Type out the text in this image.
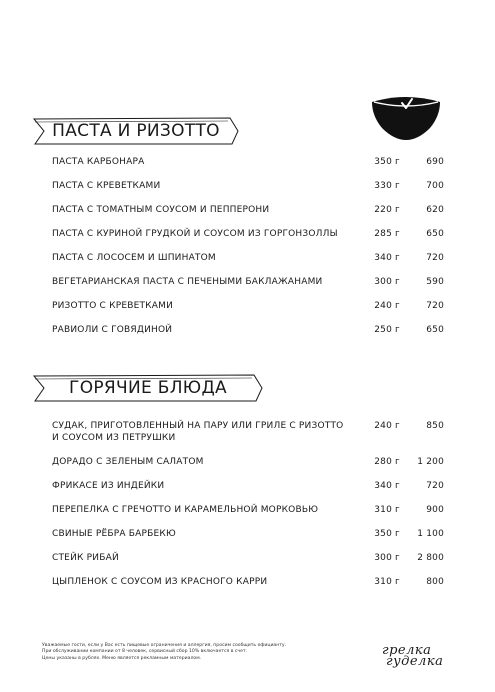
ПАСТА И РИЗОТТО
ПАСТА КАРБОНАРА	350 г	690
ПАСТА С КРЕВЕТКАМИ	330 г	700
ПАСТА С ТОМАТНЫМ СОУСОМ И ПЕППЕРОНИ	220 г	620
ПАСТА С КУРИНОЙ ГРУДКОЙ И СОУСОМ ИЗ ГОРГОНЗОЛЛЫ	285 г	650
ПАСТА С ЛОСОСЕМ И ШПИНАТОМ	340 г	720
ВЕГЕТАРИАНСКАЯ ПАСТА С ПЕЧЕНЫМИ БАКЛАЖАНАМИ	300 г	590
РИЗОТТО С КРЕВЕТКАМИ	240 г	720
РАВИОЛИ С ГОВЯДИНОЙ	250 г	650
ГОРЯЧИЕ БЛЮДА
СУДАК, ПРИГОТОВЛЕННЫЙ НА ПАРУ ИЛИ ГРИЛЕ С РИЗОТТО
И СОУСОМ ИЗ ПЕТРУШКИ
240 г	850
ДОРАДО С ЗЕЛЕНЫМ САЛАТОМ	280 г	1 200
ФРИКАСЕ ИЗ ИНДЕЙКИ	340 г	720
ПЕРЕПЕЛКА С ГРЕЧОТТО И КАРАМЕЛЬНОЙ МОРКОВЬЮ	310 г	900
СВИНЫЕ РЁБРА БАРБЕКЮ	350 г	1 100
СТЕЙК РИБАЙ	300 г	2 800
ЦЫПЛЕНОК С СОУСОМ ИЗ КРАСНОГО КАРРИ	310 г	800
Уважаемые гости, если у Вас есть пищевые ограничения и аллергия, просим сообщить официанту.
При обслуживании компании от 8 человек, сервисный сбор 10% включается в счет.
Цены указаны в рублях. Меню является рекламным материалом.
грелка
гуделка
